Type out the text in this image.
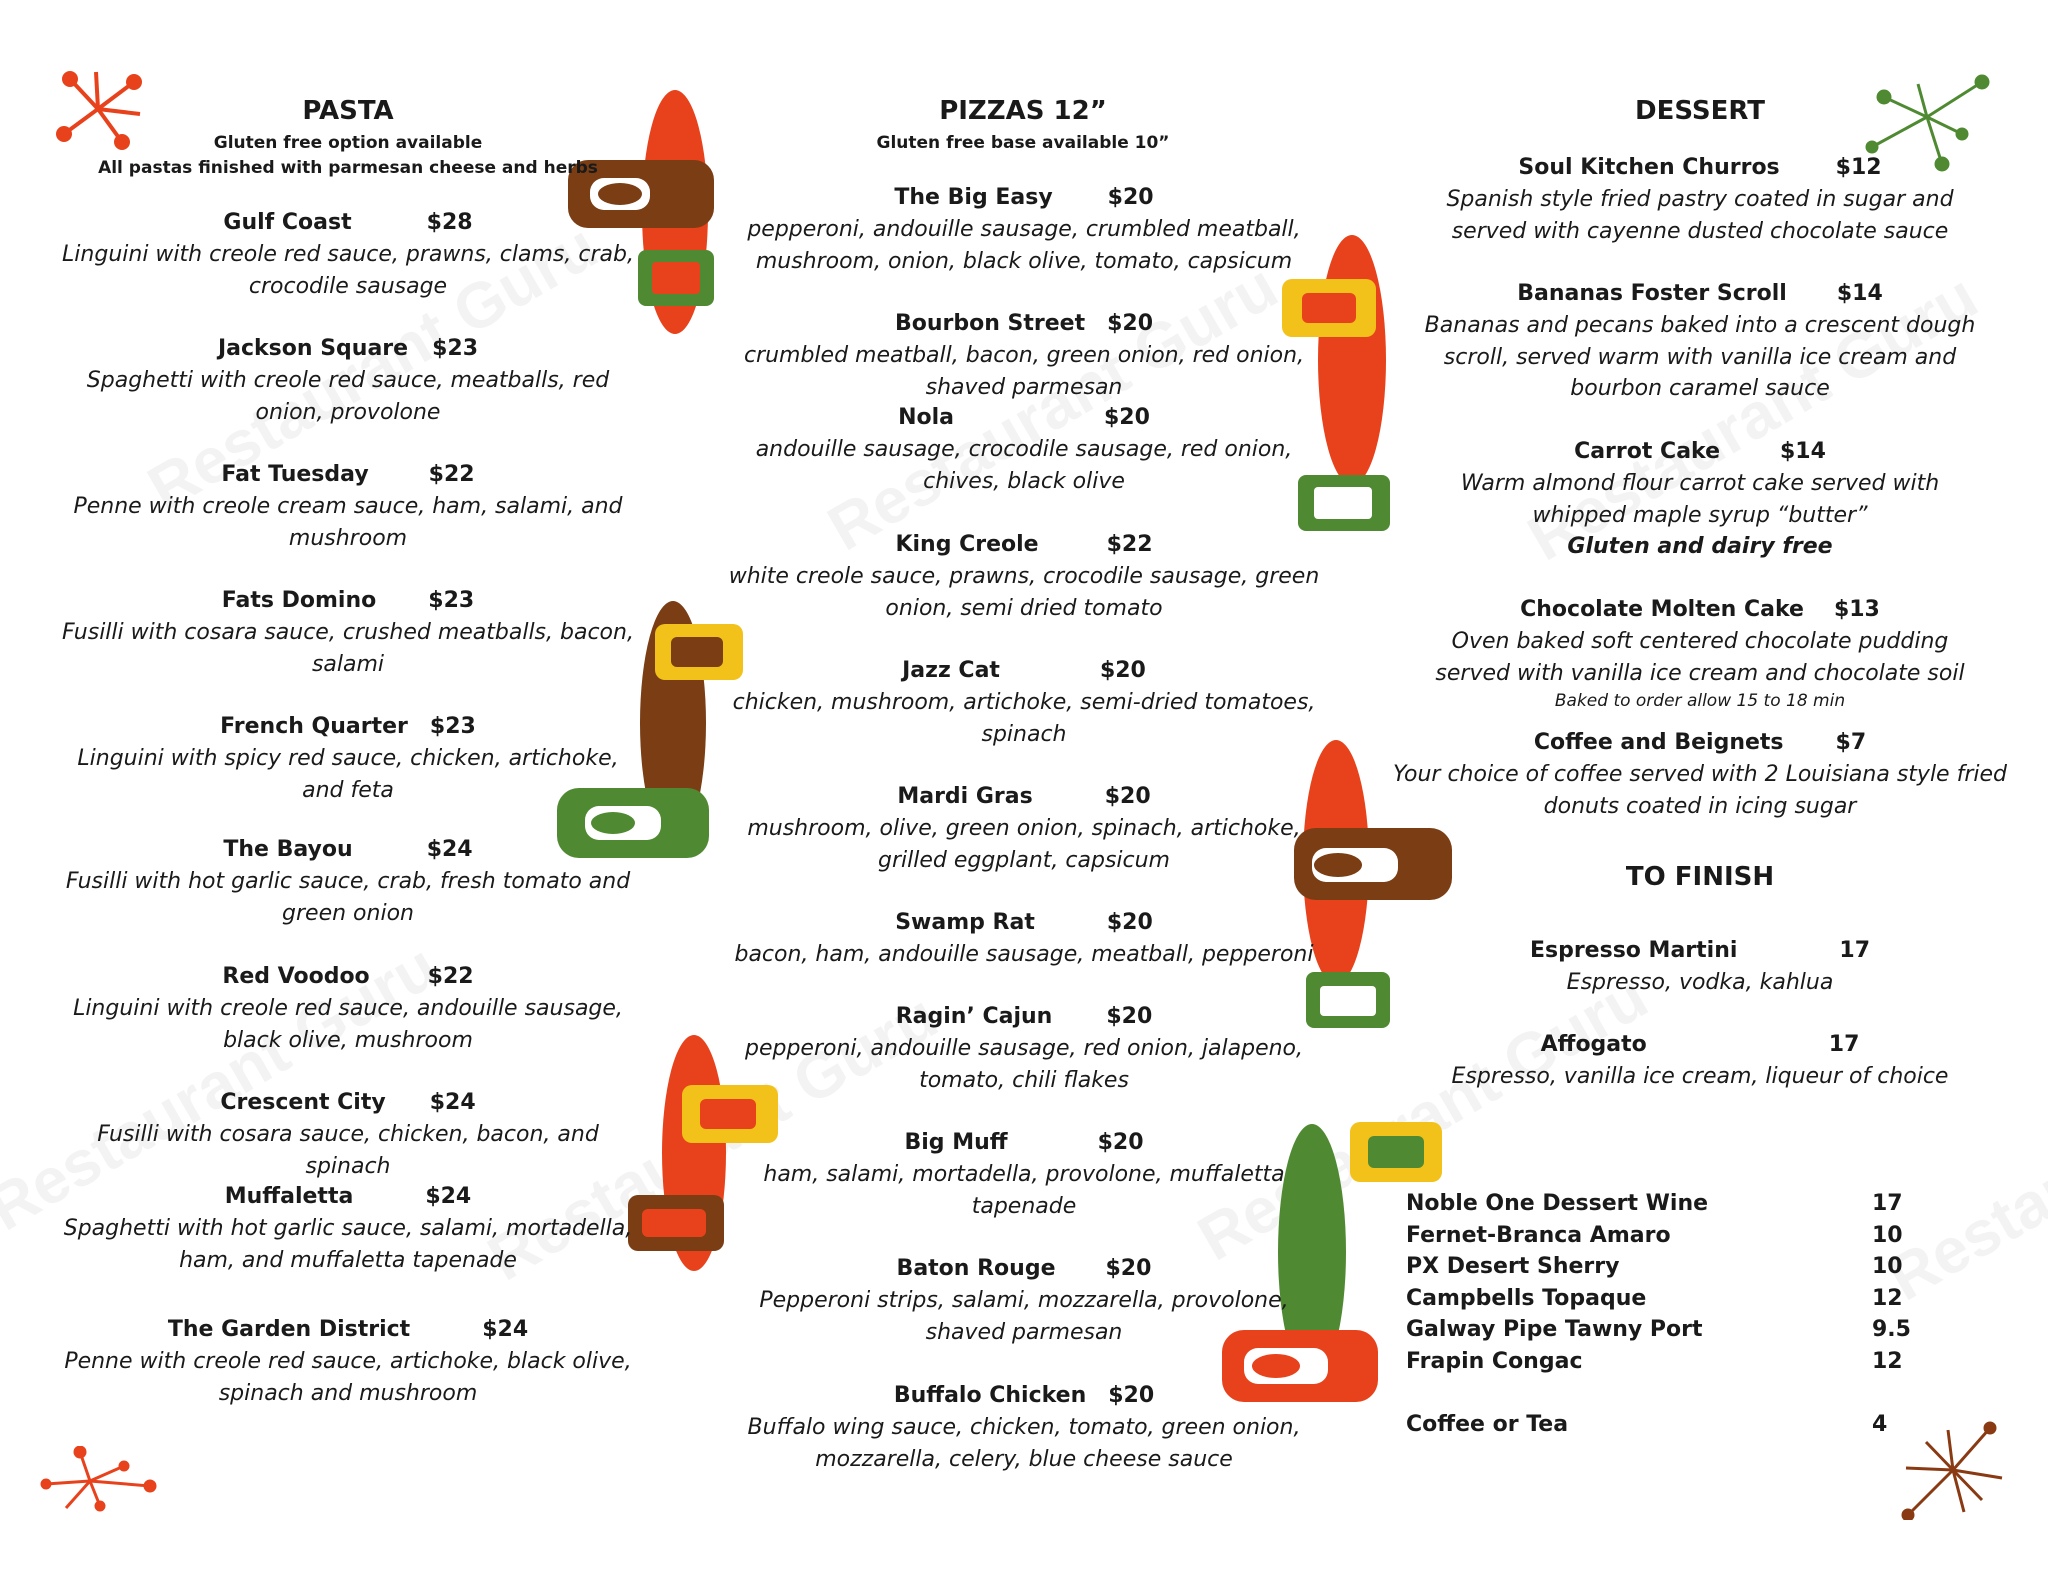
PASTA
Gluten free option available
All pastas finished with parmesan cheese and herbs
Gulf Coast	$28
Linguini with creole red sauce, prawns, clams, crab, crocodile sausage
Jackson Square $23
Spaghetti with creole red sauce, meatballs, red onion, provolone
Fat Tuesday	$22
Penne with creole cream sauce, ham, salami, and mushroom
Fats Domino $23
Fusilli with cosara sauce, crushed meatballs, bacon, salami
French Quarter $23
Linguini with spicy red sauce, chicken, artichoke, and feta
The Bayou	$24
Fusilli with hot garlic sauce, crab, fresh tomato and green onion
Red Voodoo	$22
Linguini with creole red sauce, andouille sausage, black olive, mushroom
Crescent City $24
Fusilli with cosara sauce, chicken, bacon, and spinach
Muffaletta	$24
Spaghetti with hot garlic sauce, salami, mortadella, ham, and muffaletta tapenade
The Garden District	$24
Penne with creole red sauce, artichoke, black olive, spinach and mushroom
PIZZAS 12”
Gluten free base available 10”
The Big Easy	$20
pepperoni, andouille sausage, crumbled meatball, mushroom, onion, black olive, tomato, capsicum
Bourbon Street $20
crumbled meatball, bacon, green onion, red onion, shaved parmesan
Nola	$20
andouille sausage, crocodile sausage, red onion, chives, black olive
King Creole	$22
white creole sauce, prawns, crocodile sausage, green onion, semi dried tomato
Jazz Cat	$20
chicken, mushroom, artichoke, semi-dried tomatoes, spinach
Mardi Gras	$20
mushroom, olive, green onion, spinach, artichoke, grilled eggplant, capsicum
Swamp Rat	$20
bacon, ham, andouille sausage, meatball, pepperoni
Ragin’ Cajun $20
pepperoni, andouille sausage, red onion, jalapeno, tomato, chili flakes
Big Muff	$20
ham, salami, mortadella, provolone, muffaletta tapenade
Baton Rouge $20
Pepperoni strips, salami, mozzarella, provolone, shaved parmesan
Buffalo Chicken $20
Buffalo wing sauce, chicken, tomato, green onion, mozzarella, celery, blue cheese sauce
DESSERT
Soul Kitchen Churros	$12
Spanish style fried pastry coated in sugar and served with cayenne dusted chocolate sauce
Bananas Foster Scroll $14
Bananas and pecans baked into a crescent dough scroll, served warm with vanilla ice cream and bourbon caramel sauce
Carrot Cake	$14
Warm almond flour carrot cake served with whipped maple syrup “butter”
Gluten and dairy free
Chocolate Molten Cake $13
Oven baked soft centered chocolate pudding served with vanilla ice cream and chocolate soil
Baked to order allow 15 to 18 min
Coffee and Beignets $7
Your choice of coffee served with 2 Louisiana style fried donuts coated in icing sugar
TO FINISH
Espresso Martini	17
Espresso, vodka, kahlua
Affogato	17
Espresso, vanilla ice cream, liqueur of choice
Noble One Dessert Wine	17
Fernet-Branca Amaro	10
PX Desert Sherry	10
Campbells Topaque	12
Galway Pipe Tawny Port	9.5
Frapin Congac	12
Coffee or Tea	4
